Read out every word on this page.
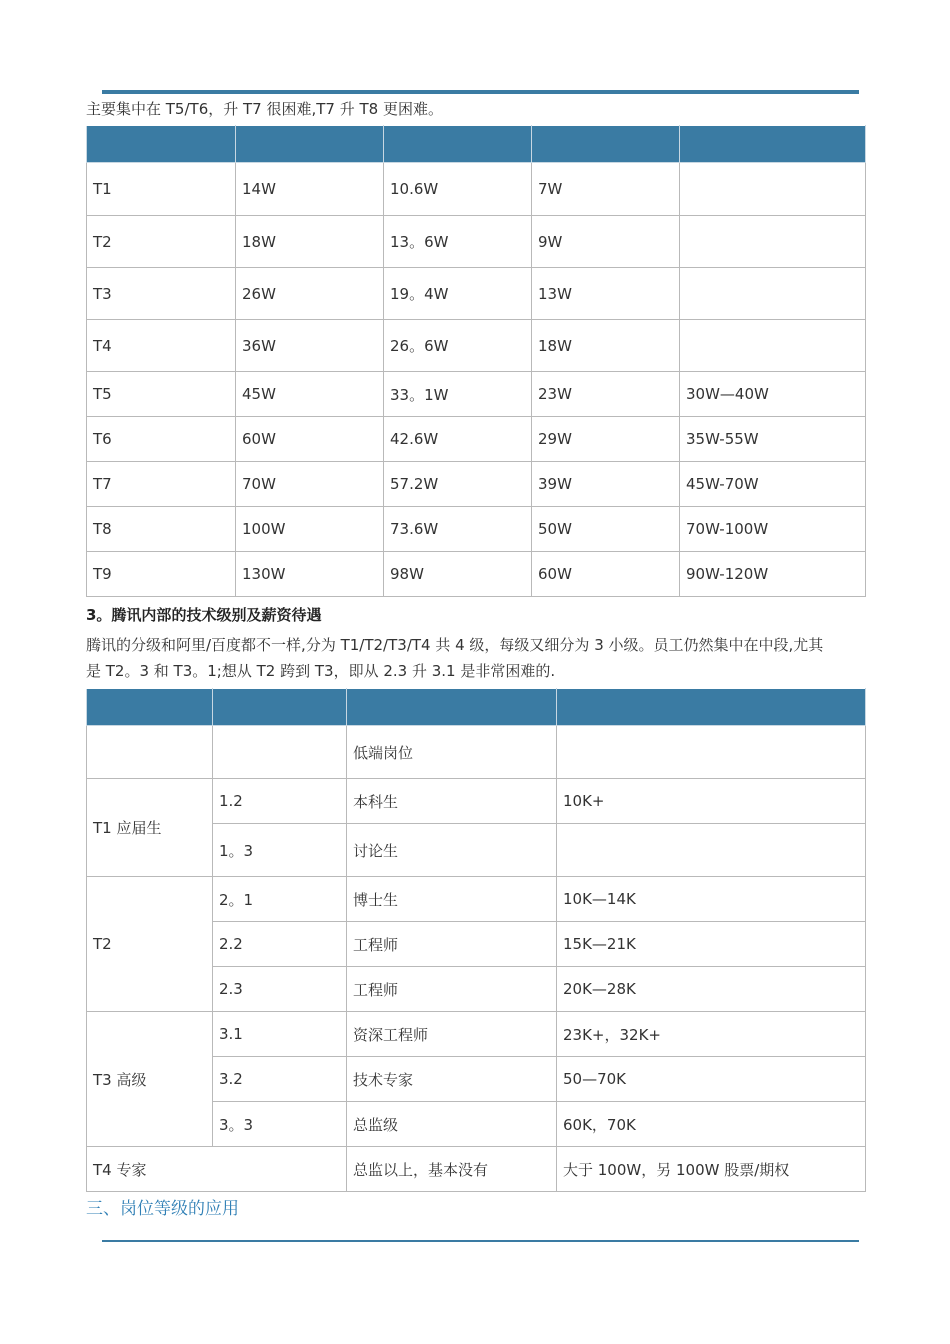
主要集中在 T5/T6，升 T7 很困难,T7 升 T8 更困难。

T1	14W	10.6W	7W	
T2	18W	13。6W	9W	
T3	26W	19。4W	13W	
T4	36W	26。6W	18W	
T5	45W	33。1W	23W	30W—40W
T6	60W	42.6W	29W	35W-55W
T7	70W	57.2W	39W	45W-70W
T8	100W	73.6W	50W	70W-100W
T9	130W	98W	60W	90W-120W

3。腾讯内部的技术级别及薪资待遇

腾讯的分级和阿里/百度都不一样,分为 T1/T2/T3/T4 共 4 级，每级又细分为 3 小级。员工仍然集中在中段,尤其
是 T2。3 和 T3。1;想从 T2 跨到 T3，即从 2.3 升 3.1 是非常困难的.

		低端岗位	
T1 应届生	1.2	本科生	10K+
	1。3	讨论生	
T2	2。1	博士生	10K—14K
	2.2	工程师	15K—21K
	2.3	工程师	20K—28K
T3 高级	3.1	资深工程师	23K+，32K+
	3.2	技术专家	50—70K
	3。3	总监级	60K，70K
T4 专家		总监以上，基本没有	大于 100W，另 100W 股票/期权

三、岗位等级的应用
